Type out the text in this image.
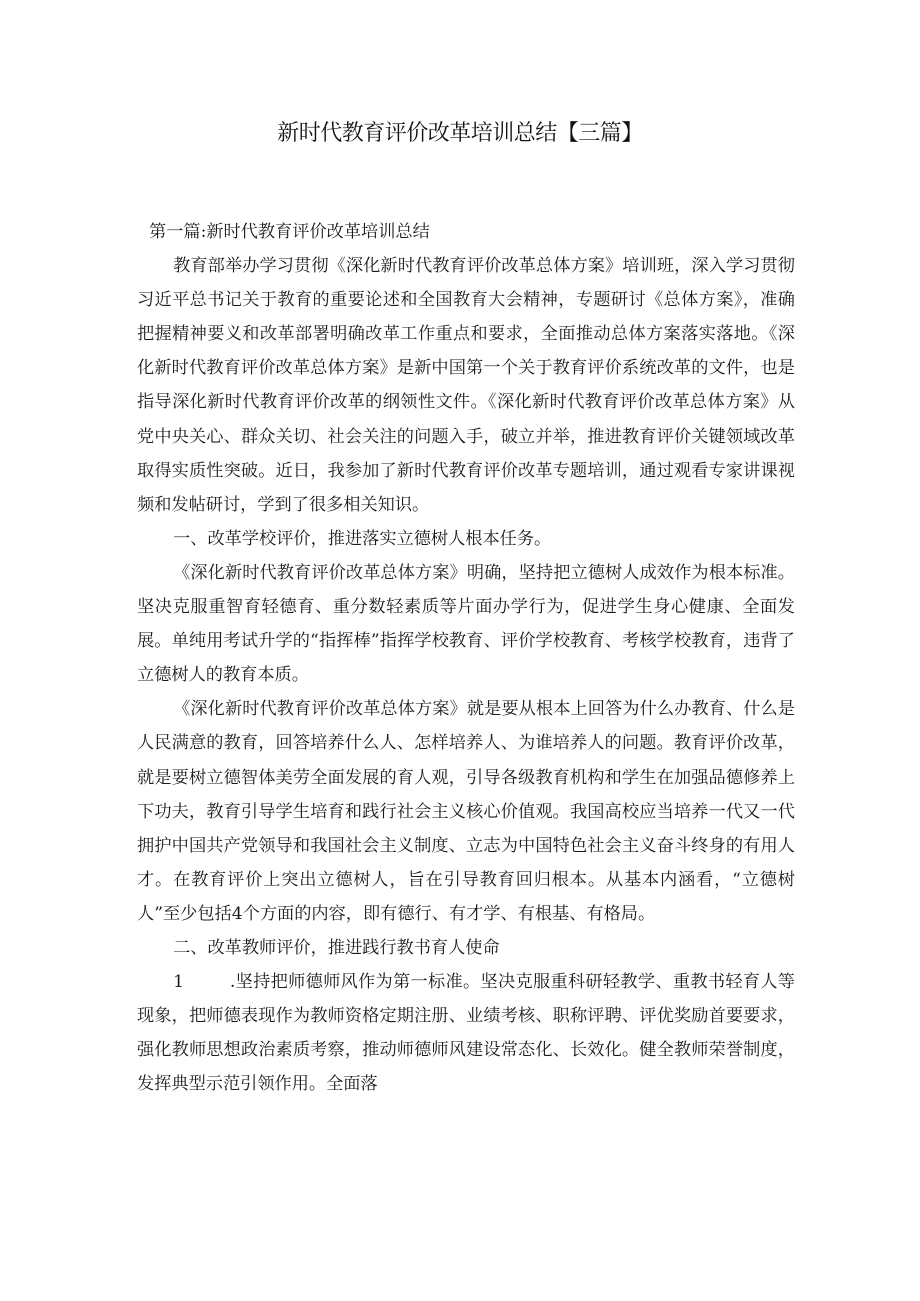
新时代教育评价改革培训总结【三篇】

第一篇:新时代教育评价改革培训总结

教育部举办学习贯彻《深化新时代教育评价改革总体方案》培训班，深入学习贯彻习近平总书记关于教育的重要论述和全国教育大会精神，专题研讨《总体方案》，准确把握精神要义和改革部署明确改革工作重点和要求，全面推动总体方案落实落地。《深化新时代教育评价改革总体方案》是新中国第一个关于教育评价系统改革的文件，也是指导深化新时代教育评价改革的纲领性文件。《深化新时代教育评价改革总体方案》从党中央关心、群众关切、社会关注的问题入手，破立并举，推进教育评价关键领域改革取得实质性突破。近日，我参加了新时代教育评价改革专题培训，通过观看专家讲课视频和发帖研讨，学到了很多相关知识。

一、改革学校评价，推进落实立德树人根本任务。

《深化新时代教育评价改革总体方案》明确，坚持把立德树人成效作为根本标准。坚决克服重智育轻德育、重分数轻素质等片面办学行为，促进学生身心健康、全面发展。单纯用考试升学的“指挥棒”指挥学校教育、评价学校教育、考核学校教育，违背了立德树人的教育本质。

《深化新时代教育评价改革总体方案》就是要从根本上回答为什么办教育、什么是人民满意的教育，回答培养什么人、怎样培养人、为谁培养人的问题。教育评价改革，就是要树立德智体美劳全面发展的育人观，引导各级教育机构和学生在加强品德修养上下功夫，教育引导学生培育和践行社会主义核心价值观。我国高校应当培养一代又一代拥护中国共产党领导和我国社会主义制度、立志为中国特色社会主义奋斗终身的有用人才。在教育评价上突出立德树人，旨在引导教育回归根本。从基本内涵看，“立德树人”至少包括4个方面的内容，即有德行、有才学、有根基、有格局。

二、改革教师评价，推进践行教书育人使命

1	.坚持把师德师风作为第一标准。坚决克服重科研轻教学、重教书轻育人等现象，把师德表现作为教师资格定期注册、业绩考核、职称评聘、评优奖励首要要求，强化教师思想政治素质考察，推动师德师风建设常态化、长效化。健全教师荣誉制度，发挥典型示范引领作用。全面落
